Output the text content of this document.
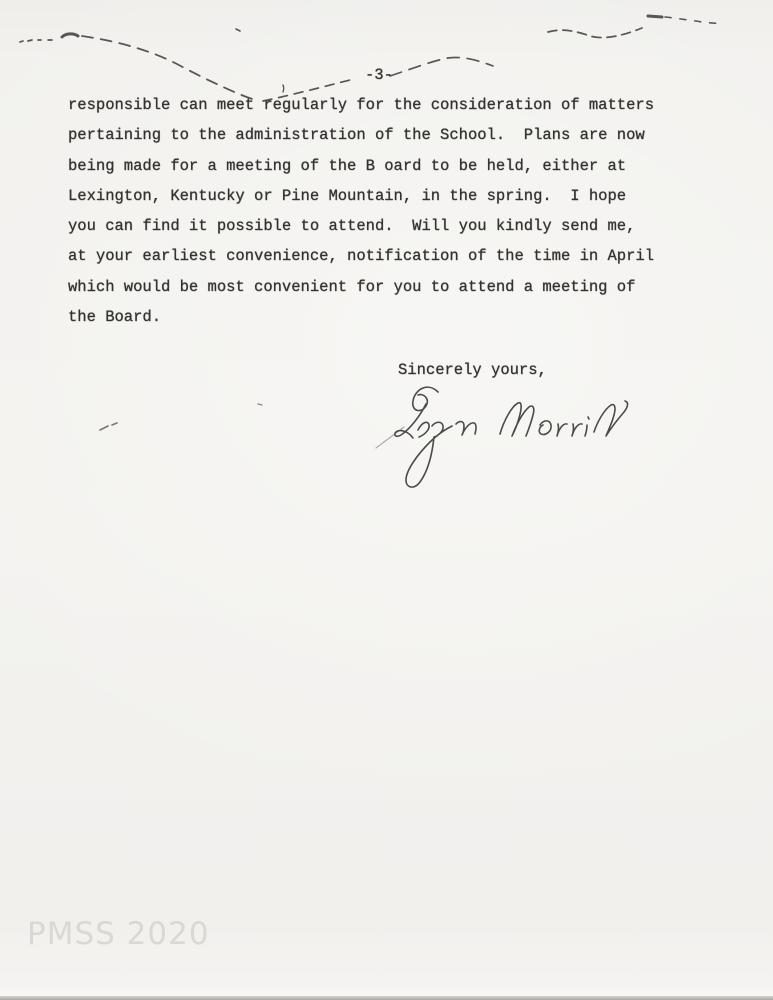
-3-
responsible can meet regularly for the consideration of matters
pertaining to the administration of the School.  Plans are now
being made for a meeting of the B oard to be held, either at
Lexington, Kentucky or Pine Mountain, in the spring.  I hope
you can find it possible to attend.  Will you kindly send me,
at your earliest convenience, notification of the time in April
which would be most convenient for you to attend a meeting of
the Board.
Sincerely yours,
PMSS 2020
